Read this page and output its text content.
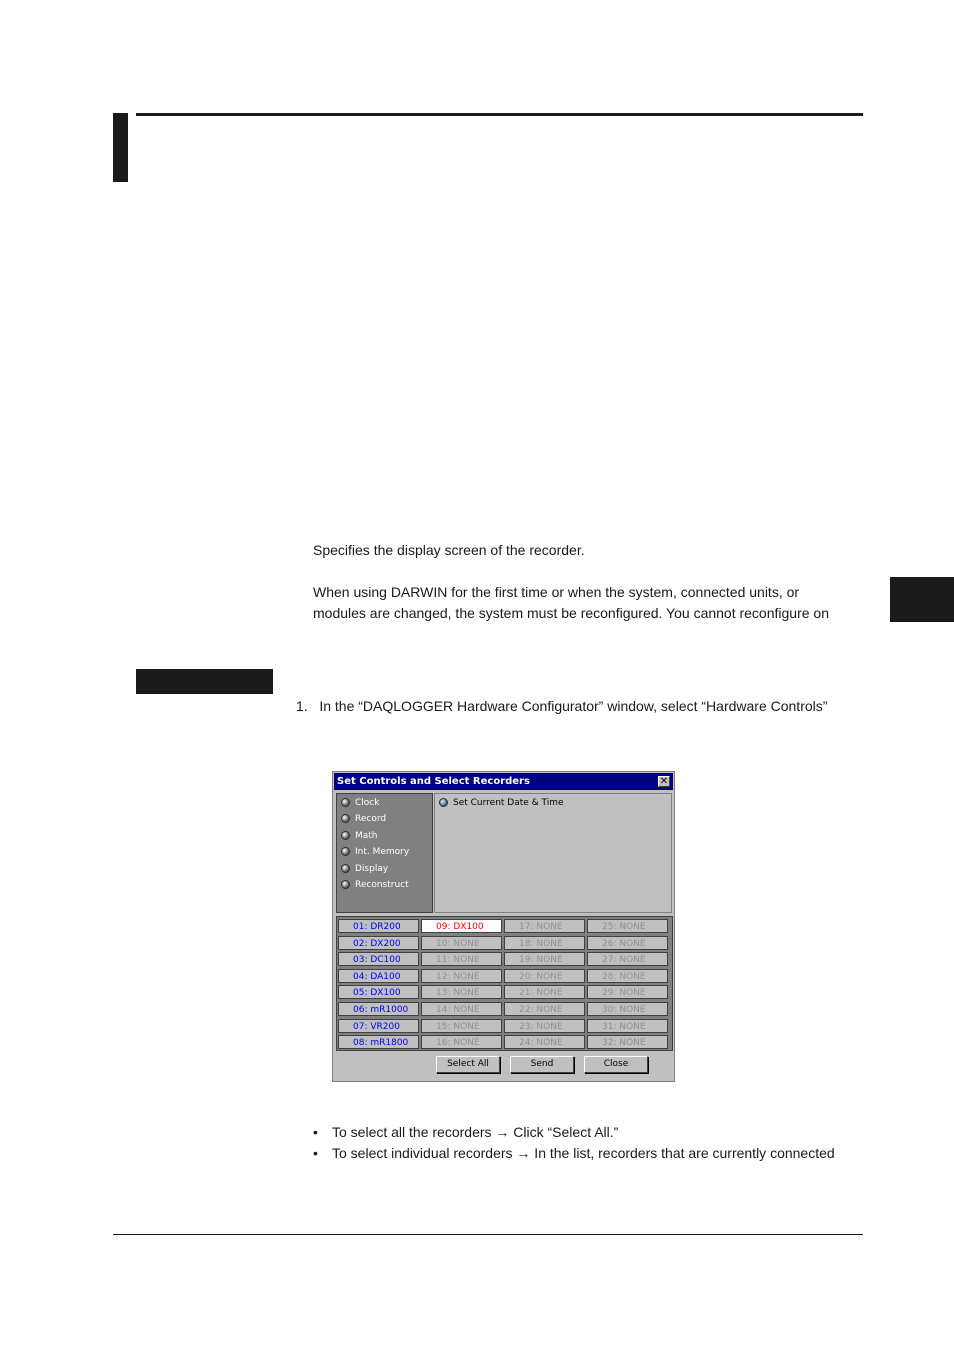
Specifies the display screen of the recorder.
When using DARWIN for the first time or when the system, connected units, or
modules are changed, the system must be reconfigured. You cannot reconfigure on
1.   In the “DAQLOGGER Hardware Configurator” window, select “Hardware Controls”
Set Controls and Select Recorders	✕
Clock
Record
Math
Int. Memory
Display
Reconstruct
Set Current Date & Time
01: DR200	09: DX100	17: NONE	25: NONE
02: DX200	10: NONE	18: NONE	26: NONE
03: DC100	11: NONE	19: NONE	27: NONE
04: DA100	12: NONE	20: NONE	28: NONE
05: DX100	13: NONE	21: NONE	29: NONE
06: mR1000	14: NONE	22: NONE	30: NONE
07: VR200	15: NONE	23: NONE	31: NONE
08: mR1800	16: NONE	24: NONE	32: NONE
Select All	Send	Close
• To select all the recorders → Click “Select All.”
• To select individual recorders → In the list, recorders that are currently connected
